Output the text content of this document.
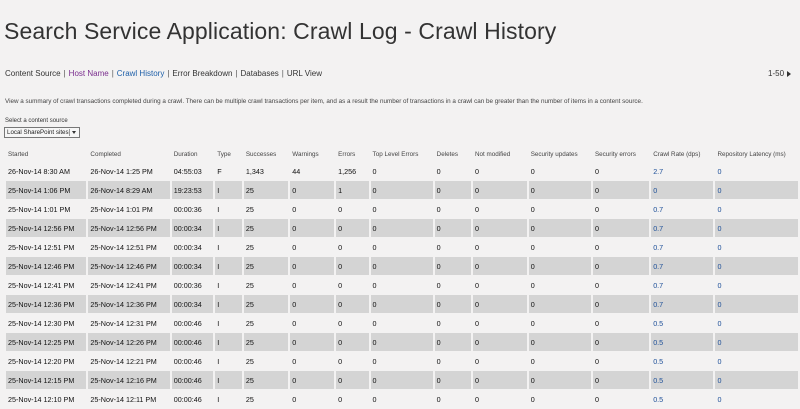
Search Service Application: Crawl Log - Crawl History
Content Source | Host Name | Crawl History | Error Breakdown | Databases | URL View	1-50
View a summary of crawl transactions completed during a crawl. There can be multiple crawl transactions per item, and as a result the number of transactions in a crawl can be greater than the number of items in a content source.
Select a content source
Local SharePoint sites
Started	Completed	Duration	Type	Successes	Warnings	Errors	Top Level Errors	Deletes	Not modified	Security updates	Security errors	Crawl Rate (dps)	Repository Latency (ms)
26-Nov-14 8:30 AM	26-Nov-14 1:25 PM	04:55:03	F	1,343	44	1,256	0	0	0	0	0	2.7	0
25-Nov-14 1:06 PM	26-Nov-14 8:29 AM	19:23:53	I	25	0	1	0	0	0	0	0	0	0
25-Nov-14 1:01 PM	25-Nov-14 1:01 PM	00:00:36	I	25	0	0	0	0	0	0	0	0.7	0
25-Nov-14 12:56 PM	25-Nov-14 12:56 PM	00:00:34	I	25	0	0	0	0	0	0	0	0.7	0
25-Nov-14 12:51 PM	25-Nov-14 12:51 PM	00:00:34	I	25	0	0	0	0	0	0	0	0.7	0
25-Nov-14 12:46 PM	25-Nov-14 12:46 PM	00:00:34	I	25	0	0	0	0	0	0	0	0.7	0
25-Nov-14 12:41 PM	25-Nov-14 12:41 PM	00:00:36	I	25	0	0	0	0	0	0	0	0.7	0
25-Nov-14 12:36 PM	25-Nov-14 12:36 PM	00:00:34	I	25	0	0	0	0	0	0	0	0.7	0
25-Nov-14 12:30 PM	25-Nov-14 12:31 PM	00:00:46	I	25	0	0	0	0	0	0	0	0.5	0
25-Nov-14 12:25 PM	25-Nov-14 12:26 PM	00:00:46	I	25	0	0	0	0	0	0	0	0.5	0
25-Nov-14 12:20 PM	25-Nov-14 12:21 PM	00:00:46	I	25	0	0	0	0	0	0	0	0.5	0
25-Nov-14 12:15 PM	25-Nov-14 12:16 PM	00:00:46	I	25	0	0	0	0	0	0	0	0.5	0
25-Nov-14 12:10 PM	25-Nov-14 12:11 PM	00:00:46	I	25	0	0	0	0	0	0	0	0.5	0
